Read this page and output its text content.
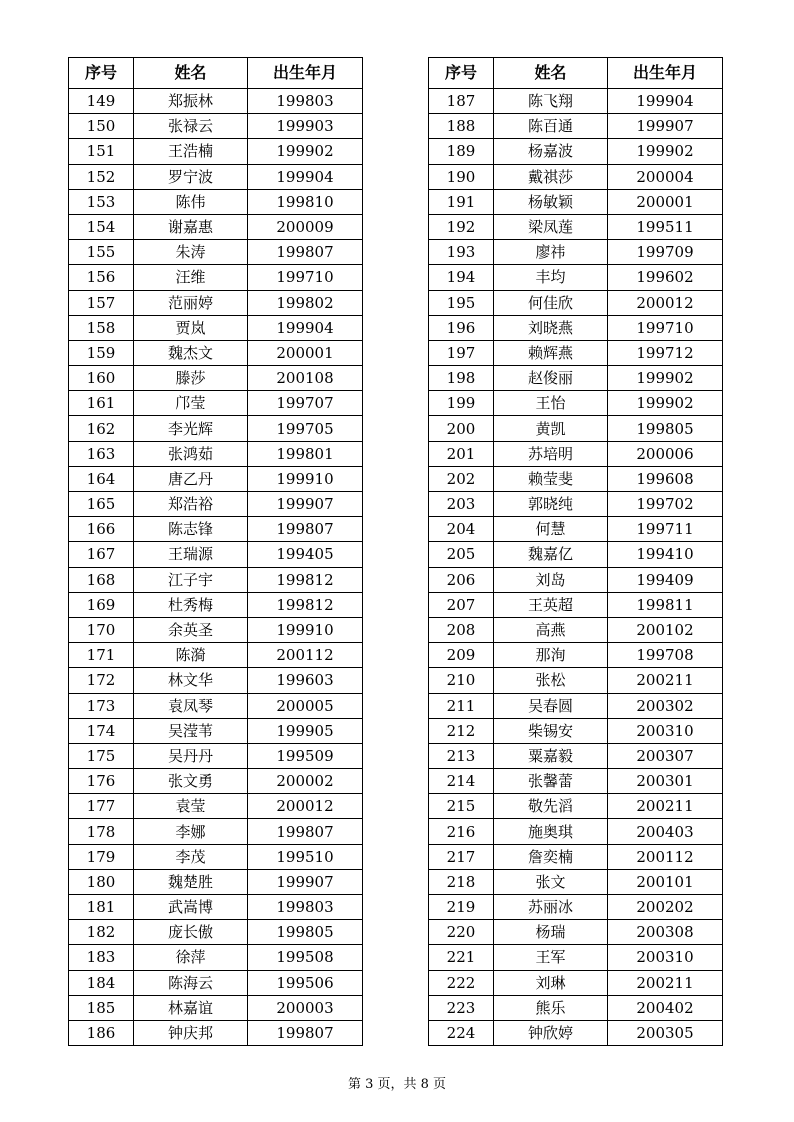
序号	姓名	出生年月
149	郑振林	199803
150	张禄云	199903
151	王浩楠	199902
152	罗宁波	199904
153	陈伟	199810
154	谢嘉惠	200009
155	朱涛	199807
156	汪维	199710
157	范丽婷	199802
158	贾岚	199904
159	魏杰文	200001
160	滕莎	200108
161	邝莹	199707
162	李光辉	199705
163	张鸿茹	199801
164	唐乙丹	199910
165	郑浩裕	199907
166	陈志锋	199807
167	王瑞源	199405
168	江子宇	199812
169	杜秀梅	199812
170	余英圣	199910
171	陈漪	200112
172	林文华	199603
173	袁凤琴	200005
174	吴滢苇	199905
175	吴丹丹	199509
176	张文勇	200002
177	袁莹	200012
178	李娜	199807
179	李茂	199510
180	魏楚胜	199907
181	武嵩博	199803
182	庞长傲	199805
183	徐萍	199508
184	陈海云	199506
185	林嘉谊	200003
186	钟庆邦	199807
序号	姓名	出生年月
187	陈飞翔	199904
188	陈百通	199907
189	杨嘉波	199902
190	戴祺莎	200004
191	杨敏颖	200001
192	梁凤莲	199511
193	廖祎	199709
194	丰均	199602
195	何佳欣	200012
196	刘晓燕	199710
197	赖辉燕	199712
198	赵俊丽	199902
199	王怡	199902
200	黄凯	199805
201	苏培明	200006
202	赖莹斐	199608
203	郭晓纯	199702
204	何慧	199711
205	魏嘉亿	199410
206	刘岛	199409
207	王英超	199811
208	高燕	200102
209	那洵	199708
210	张松	200211
211	吴春圆	200302
212	柴锡安	200310
213	粟嘉毅	200307
214	张馨蕾	200301
215	敬先滔	200211
216	施奥琪	200403
217	詹奕楠	200112
218	张文	200101
219	苏丽冰	200202
220	杨瑞	200308
221	王军	200310
222	刘琳	200211
223	熊乐	200402
224	钟欣婷	200305
第 3 页，共 8 页
